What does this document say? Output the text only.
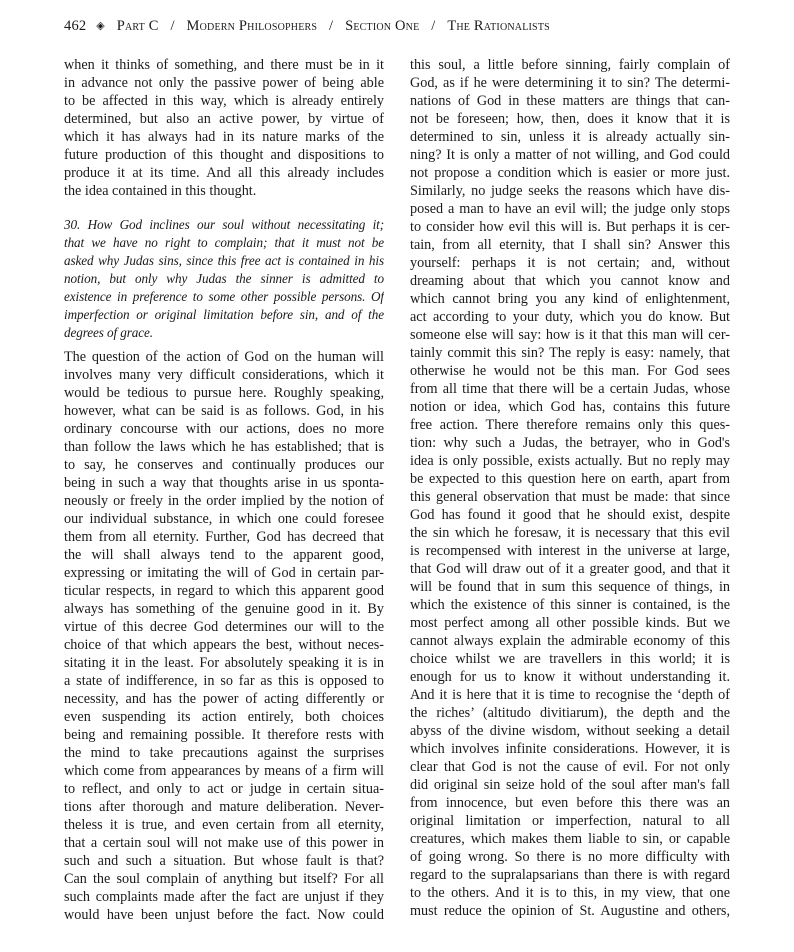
462 ◈ Part C / Modern Philosophers / Section One / The Rationalists
when it thinks of something, and there must be in it
in advance not only the passive power of being able
to be affected in this way, which is already entirely
determined, but also an active power, by virtue of
which it has always had in its nature marks of the
future production of this thought and dispositions to
produce it at its time. And all this already includes
the idea contained in this thought.
30. How God inclines our soul without necessitating it;
that we have no right to complain; that it must not be
asked why Judas sins, since this free act is contained in his
notion, but only why Judas the sinner is admitted to
existence in preference to some other possible persons. Of
imperfection or original limitation before sin, and of the
degrees of grace.
The question of the action of God on the human will
involves many very difficult considerations, which it
would be tedious to pursue here. Roughly speaking,
however, what can be said is as follows. God, in his
ordinary concourse with our actions, does no more
than follow the laws which he has established; that is
to say, he conserves and continually produces our
being in such a way that thoughts arise in us sponta-
neously or freely in the order implied by the notion of
our individual substance, in which one could foresee
them from all eternity. Further, God has decreed that
the will shall always tend to the apparent good,
expressing or imitating the will of God in certain par-
ticular respects, in regard to which this apparent good
always has something of the genuine good in it. By
virtue of this decree God determines our will to the
choice of that which appears the best, without neces-
sitating it in the least. For absolutely speaking it is in
a state of indifference, in so far as this is opposed to
necessity, and has the power of acting differently or
even suspending its action entirely, both choices
being and remaining possible. It therefore rests with
the mind to take precautions against the surprises
which come from appearances by means of a firm will
to reflect, and only to act or judge in certain situa-
tions after thorough and mature deliberation. Never-
theless it is true, and even certain from all eternity,
that a certain soul will not make use of this power in
such and such a situation. But whose fault is that?
Can the soul complain of anything but itself? For all
such complaints made after the fact are unjust if they
would have been unjust before the fact. Now could
this soul, a little before sinning, fairly complain of
God, as if he were determining it to sin? The determi-
nations of God in these matters are things that can-
not be foreseen; how, then, does it know that it is
determined to sin, unless it is already actually sin-
ning? It is only a matter of not willing, and God could
not propose a condition which is easier or more just.
Similarly, no judge seeks the reasons which have dis-
posed a man to have an evil will; the judge only stops
to consider how evil this will is. But perhaps it is cer-
tain, from all eternity, that I shall sin? Answer this
yourself: perhaps it is not certain; and, without
dreaming about that which you cannot know and
which cannot bring you any kind of enlightenment,
act according to your duty, which you do know. But
someone else will say: how is it that this man will cer-
tainly commit this sin? The reply is easy: namely, that
otherwise he would not be this man. For God sees
from all time that there will be a certain Judas, whose
notion or idea, which God has, contains this future
free action. There therefore remains only this ques-
tion: why such a Judas, the betrayer, who in God's
idea is only possible, exists actually. But no reply may
be expected to this question here on earth, apart from
this general observation that must be made: that since
God has found it good that he should exist, despite
the sin which he foresaw, it is necessary that this evil
is recompensed with interest in the universe at large,
that God will draw out of it a greater good, and that it
will be found that in sum this sequence of things, in
which the existence of this sinner is contained, is the
most perfect among all other possible kinds. But we
cannot always explain the admirable economy of this
choice whilst we are travellers in this world; it is
enough for us to know it without understanding it.
And it is here that it is time to recognise the ‘depth of
the riches’ (altitudo divitiarum), the depth and the
abyss of the divine wisdom, without seeking a detail
which involves infinite considerations. However, it is
clear that God is not the cause of evil. For not only
did original sin seize hold of the soul after man's fall
from innocence, but even before this there was an
original limitation or imperfection, natural to all
creatures, which makes them liable to sin, or capable
of going wrong. So there is no more difficulty with
regard to the supralapsarians than there is with regard
to the others. And it is to this, in my view, that one
must reduce the opinion of St. Augustine and others,
